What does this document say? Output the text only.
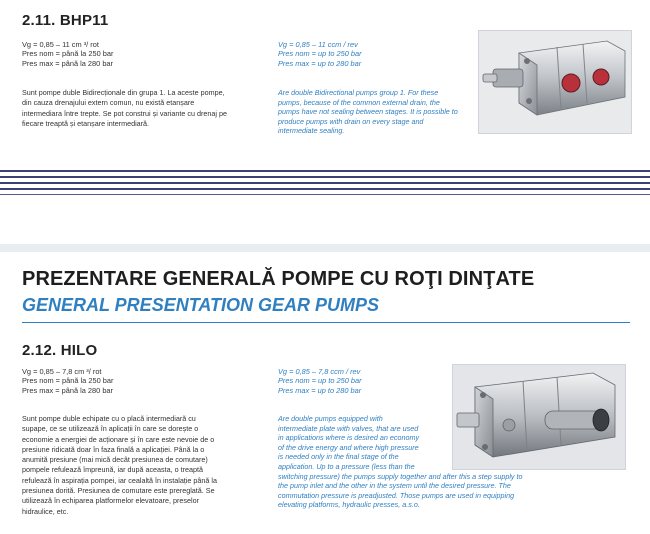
2.11. BHP11
Vg = 0,85 – 11 cm ³/ rot
Pres nom = până la 250 bar
Pres max = până la 280 bar
Vg = 0,85 – 11 ccm / rev
Pres nom = up to 250 bar
Pres max = up to 280 bar
Sunt pompe duble Bidirecționale din grupa 1. La aceste pompe,
din cauza drenajului extern comun, nu există etanșare
intermediara între trepte. Se pot construi și variante cu drenaj pe
fiecare treaptă și etanșare intermediară.
Are double Bidirectional pumps group 1. For these
pumps, because of the common external drain, the
pumps have not sealing between stages. It is possible to
produce pumps with drain on every stage and
intermediate sealing.
PREZENTARE GENERALĂ POMPE CU ROŢI DINŢATE
GENERAL PRESENTATION GEAR PUMPS
2.12. HILO
Vg = 0,85 – 7,8 cm ³/ rot
Pres nom = până la 250 bar
Pres max = până la 280 bar
Vg = 0,85 – 7,8 ccm / rev
Pres nom = up to 250 bar
Pres max = up to 280 bar
Sunt pompe duble echipate cu o placă intermediară cu
supape, ce se utilizează în aplicații în care se dorește o
economie a energiei de acționare și în care este nevoie de o
presiune ridicată doar în faza finală a aplicației. Până la o
anumită presiune (mai mică decât presiunea de comutare)
pompele refulează împreună, iar după aceasta, o treaptă
refulează în aspirația pompei, iar cealaltă în instalație până la
presiunea dorită. Presiunea de comutare este prereglată. Se
utilizează în echiparea platformelor elevatoare, preselor
hidraulice, etc.
Are double pumps equipped with
intermediate plate with valves, that are used
in applications where is desired an economy
of the drive energy and where high pressure
is needed only in the final stage of the
application. Up to a pressure (less than the
switching pressure) the pumps supply together and after this a step supply to
the pump inlet and the other in the system until the desired pressure. The
commutation pressure is preadjusted. Those pumps are used in equipping
elevating platforms, hydraulic presses, a.s.o.
